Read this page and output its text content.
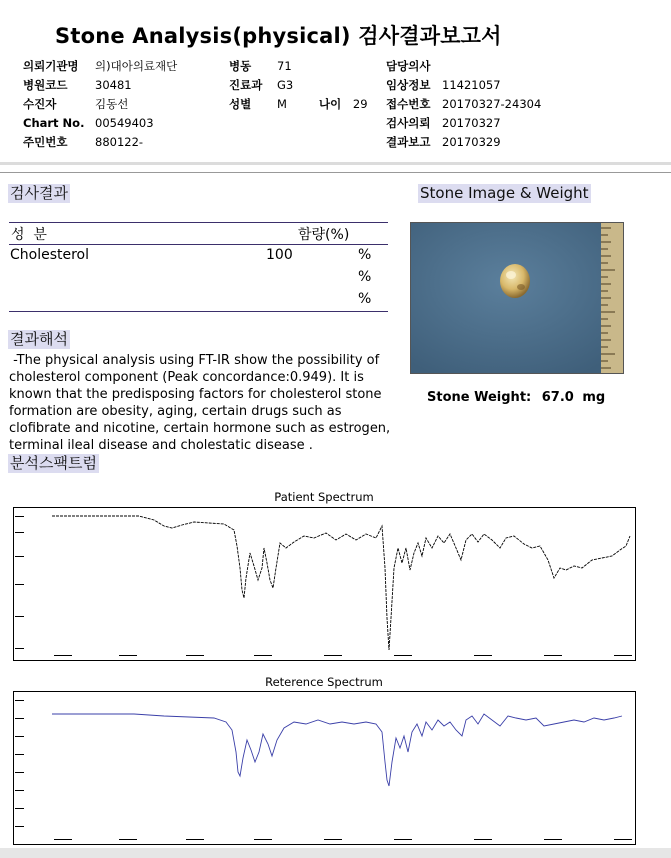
Stone Analysis(physical) 검사결과보고서
의뢰기관명	의)대아의료재단
병원코드	30481
수진자	김동선
Chart No. 00549403
주민번호	880122-
병동	71
진료과	G3
성별	M	나이 29
담당의사
임상정보	11421057
접수번호	20170327-24304
검사의뢰	20170327
결과보고	20170329
검사결과
성  분	함량(%)
Cholesterol	100	%
%
%
Stone Image & Weight
Stone Weight: 67.0 mg
결과해석
-The physical analysis using FT-IR show the possibility of cholesterol component (Peak concordance:0.949). It is known that the predisposing factors for cholesterol stone formation are obesity, aging, certain drugs such as clofibrate and nicotine, certain hormone such as estrogen, terminal ileal disease and cholestatic disease .
분석스팩트럼
Patient Spectrum
Reterence Spectrum
